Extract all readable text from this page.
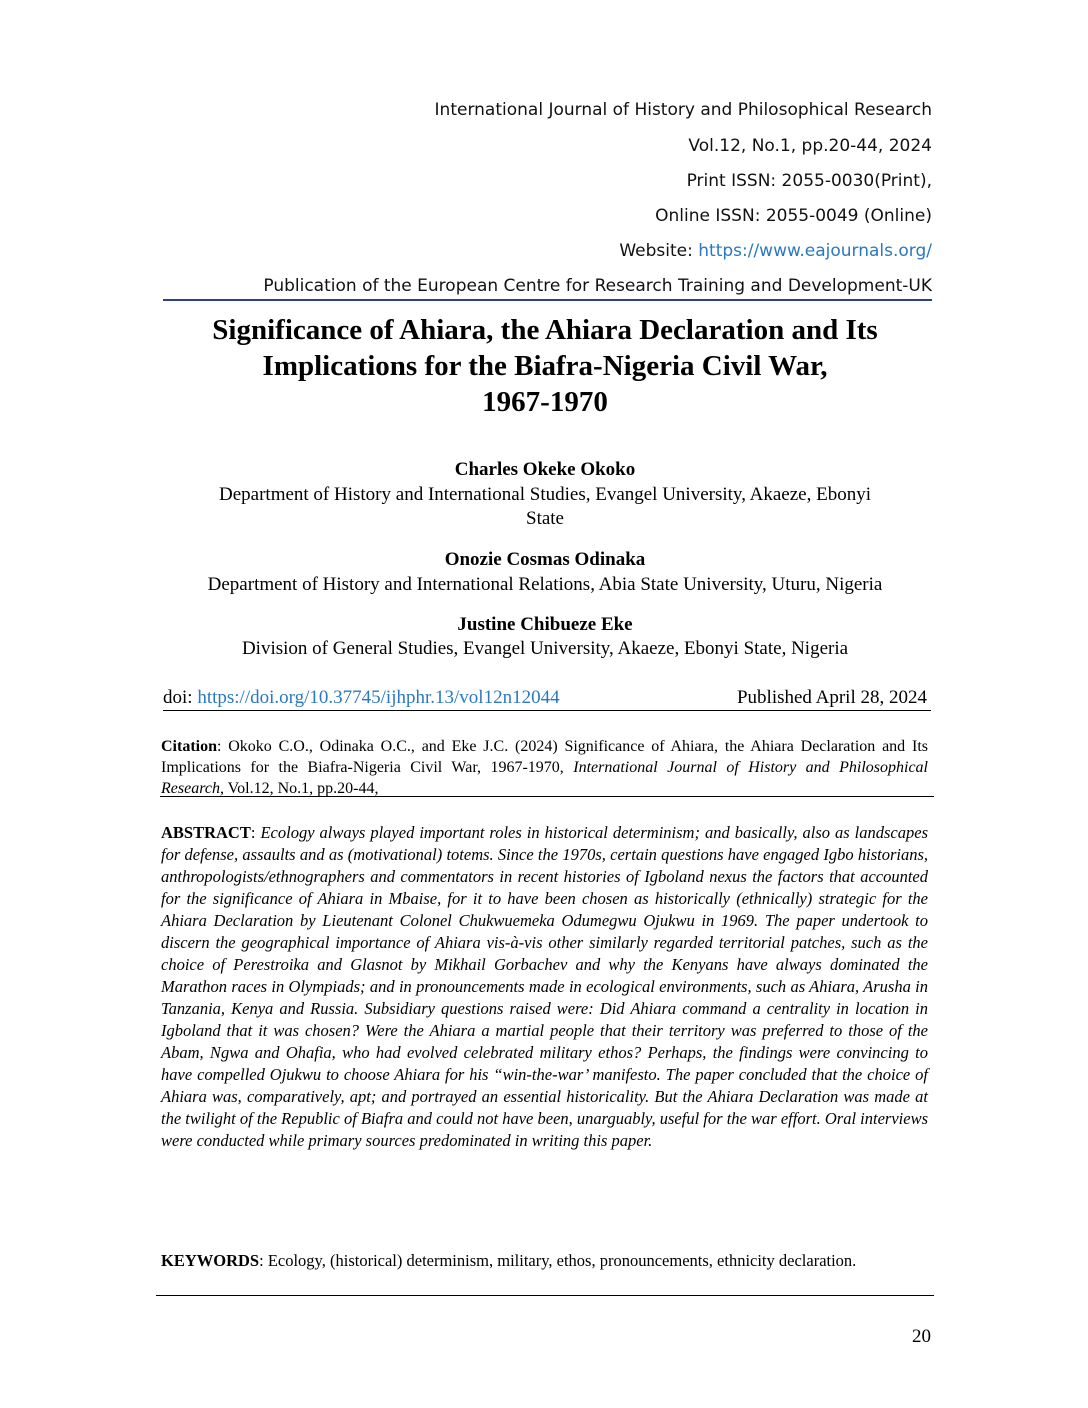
International Journal of History and Philosophical Research
Vol.12, No.1, pp.20-44, 2024
Print ISSN: 2055-0030(Print),
Online ISSN: 2055-0049 (Online)
Website: https://www.eajournals.org/
Publication of the European Centre for Research Training and Development-UK
Significance of Ahiara, the Ahiara Declaration and Its
Implications for the Biafra-Nigeria Civil War,
1967-1970
Charles Okeke Okoko
Department of History and International Studies, Evangel University, Akaeze, Ebonyi
State
Onozie Cosmas Odinaka
Department of History and International Relations, Abia State University, Uturu, Nigeria
Justine Chibueze Eke
Division of General Studies, Evangel University, Akaeze, Ebonyi State, Nigeria
doi: https://doi.org/10.37745/ijhphr.13/vol12n12044	Published April 28, 2024
Citation: Okoko C.O., Odinaka O.C., and Eke J.C. (2024) Significance of Ahiara, the Ahiara Declaration and Its Implications for the Biafra-Nigeria Civil War, 1967-1970, International Journal of History and Philosophical Research, Vol.12, No.1, pp.20-44,
ABSTRACT: Ecology always played important roles in historical determinism; and basically, also as landscapes for defense, assaults and as (motivational) totems. Since the 1970s, certain questions have engaged Igbo historians, anthropologists/ethnographers and commentators in recent histories of Igboland nexus the factors that accounted for the significance of Ahiara in Mbaise, for it to have been chosen as historically (ethnically) strategic for the Ahiara Declaration by Lieutenant Colonel Chukwuemeka Odumegwu Ojukwu in 1969. The paper undertook to discern the geographical importance of Ahiara vis-à-vis other similarly regarded territorial patches, such as the choice of Perestroika and Glasnot by Mikhail Gorbachev and why the Kenyans have always dominated the Marathon races in Olympiads; and in pronouncements made in ecological environments, such as Ahiara, Arusha in Tanzania, Kenya and Russia. Subsidiary questions raised were: Did Ahiara command a centrality in location in Igboland that it was chosen? Were the Ahiara a martial people that their territory was preferred to those of the Abam, Ngwa and Ohafia, who had evolved celebrated military ethos? Perhaps, the findings were convincing to have compelled Ojukwu to choose Ahiara for his “win-the-war’ manifesto. The paper concluded that the choice of Ahiara was, comparatively, apt; and portrayed an essential historicality. But the Ahiara Declaration was made at the twilight of the Republic of Biafra and could not have been, unarguably, useful for the war effort. Oral interviews were conducted while primary sources predominated in writing this paper.
KEYWORDS: Ecology, (historical) determinism, military, ethos, pronouncements, ethnicity declaration.
20
